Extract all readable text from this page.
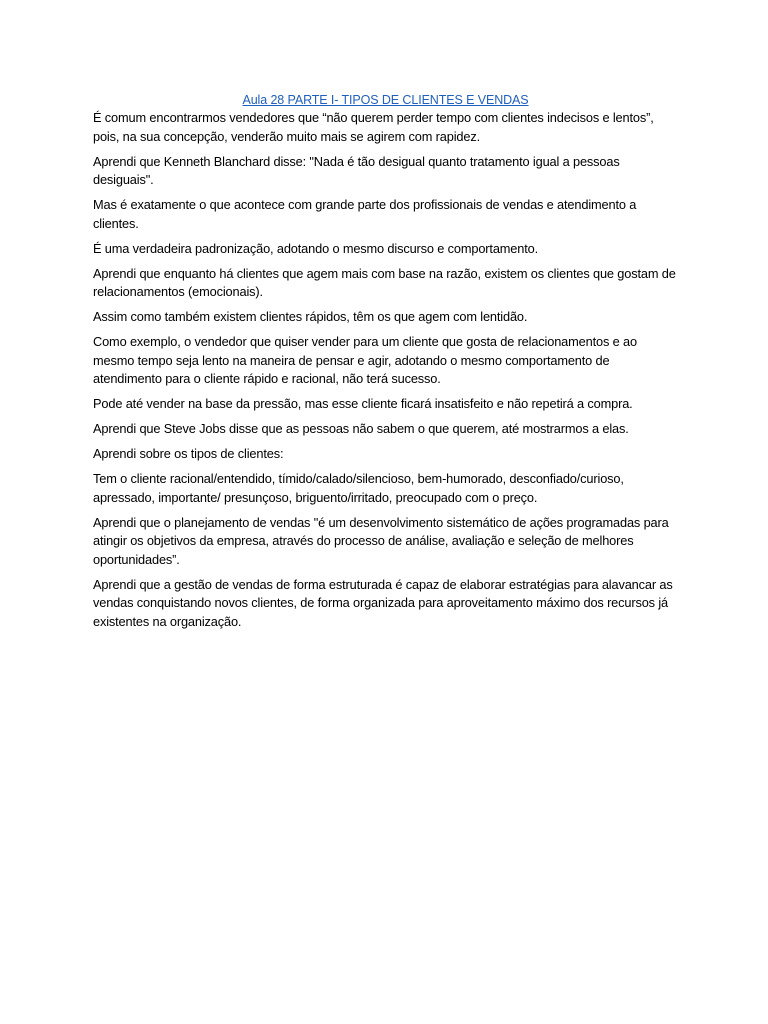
Aula 28 PARTE I- TIPOS DE CLIENTES E VENDAS

É comum encontrarmos vendedores que “não querem perder tempo com clientes indecisos e lentos”, pois, na sua concepção, venderão muito mais se agirem com rapidez.

Aprendi que Kenneth Blanchard disse: "Nada é tão desigual quanto tratamento igual a pessoas desiguais".

Mas é exatamente o que acontece com grande parte dos profissionais de vendas e atendimento a clientes.

É uma verdadeira padronização, adotando o mesmo discurso e comportamento.

Aprendi que enquanto há clientes que agem mais com base na razão, existem os clientes que gostam de relacionamentos (emocionais).

Assim como também existem clientes rápidos, têm os que agem com lentidão.

Como exemplo, o vendedor que quiser vender para um cliente que gosta de relacionamentos e ao mesmo tempo seja lento na maneira de pensar e agir, adotando o mesmo comportamento de atendimento para o cliente rápido e racional, não terá sucesso.

Pode até vender na base da pressão, mas esse cliente ficará insatisfeito e não repetirá a compra.

Aprendi que Steve Jobs disse que as pessoas não sabem o que querem, até mostrarmos a elas.

Aprendi sobre os tipos de clientes:

Tem o cliente racional/entendido, tímido/calado/silencioso, bem-humorado, desconfiado/curioso, apressado, importante/ presunçoso, briguento/irritado, preocupado com o preço.

Aprendi que o planejamento de vendas "é um desenvolvimento sistemático de ações programadas para atingir os objetivos da empresa, através do processo de análise, avaliação e seleção de melhores oportunidades”.

Aprendi que a gestão de vendas de forma estruturada é capaz de elaborar estratégias para alavancar as vendas conquistando novos clientes, de forma organizada para aproveitamento máximo dos recursos já existentes na organização.
